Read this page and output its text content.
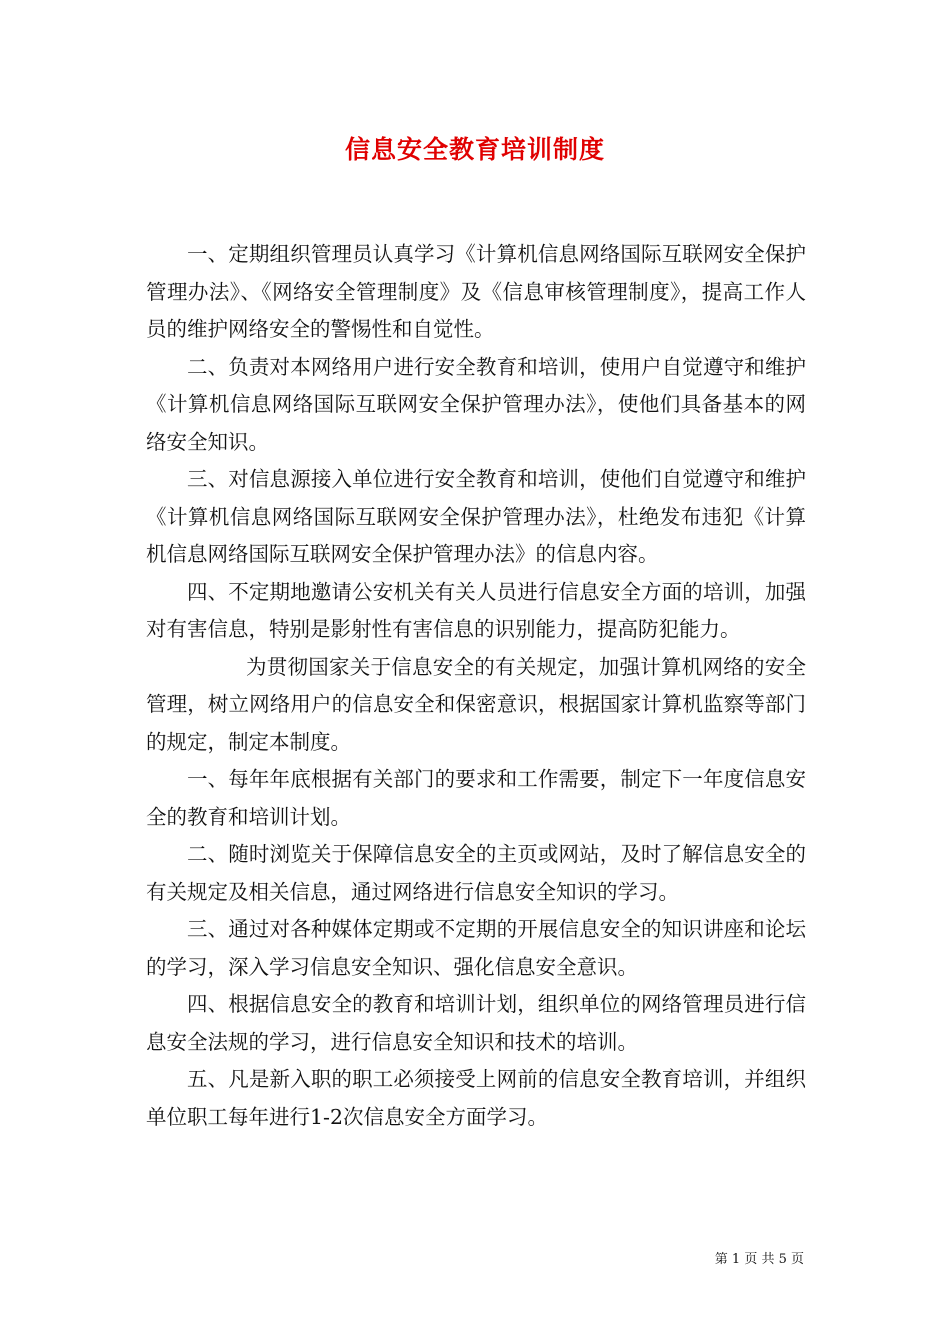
信息安全教育培训制度

一、定期组织管理员认真学习《计算机信息网络国际互联网安全保护管理办法》、《网络安全管理制度》及《信息审核管理制度》，提高工作人员的维护网络安全的警惕性和自觉性。

二、负责对本网络用户进行安全教育和培训，使用户自觉遵守和维护《计算机信息网络国际互联网安全保护管理办法》，使他们具备基本的网络安全知识。

三、对信息源接入单位进行安全教育和培训，使他们自觉遵守和维护《计算机信息网络国际互联网安全保护管理办法》，杜绝发布违犯《计算机信息网络国际互联网安全保护管理办法》的信息内容。

四、不定期地邀请公安机关有关人员进行信息安全方面的培训，加强对有害信息，特别是影射性有害信息的识别能力，提高防犯能力。

为贯彻国家关于信息安全的有关规定，加强计算机网络的安全管理，树立网络用户的信息安全和保密意识，根据国家计算机监察等部门的规定，制定本制度。

一、每年年底根据有关部门的要求和工作需要，制定下一年度信息安全的教育和培训计划。

二、随时浏览关于保障信息安全的主页或网站，及时了解信息安全的有关规定及相关信息，通过网络进行信息安全知识的学习。

三、通过对各种媒体定期或不定期的开展信息安全的知识讲座和论坛的学习，深入学习信息安全知识、强化信息安全意识。

四、根据信息安全的教育和培训计划，组织单位的网络管理员进行信息安全法规的学习，进行信息安全知识和技术的培训。

五、凡是新入职的职工必须接受上网前的信息安全教育培训，并组织单位职工每年进行1-2次信息安全方面学习。

第 1 页 共 5 页
